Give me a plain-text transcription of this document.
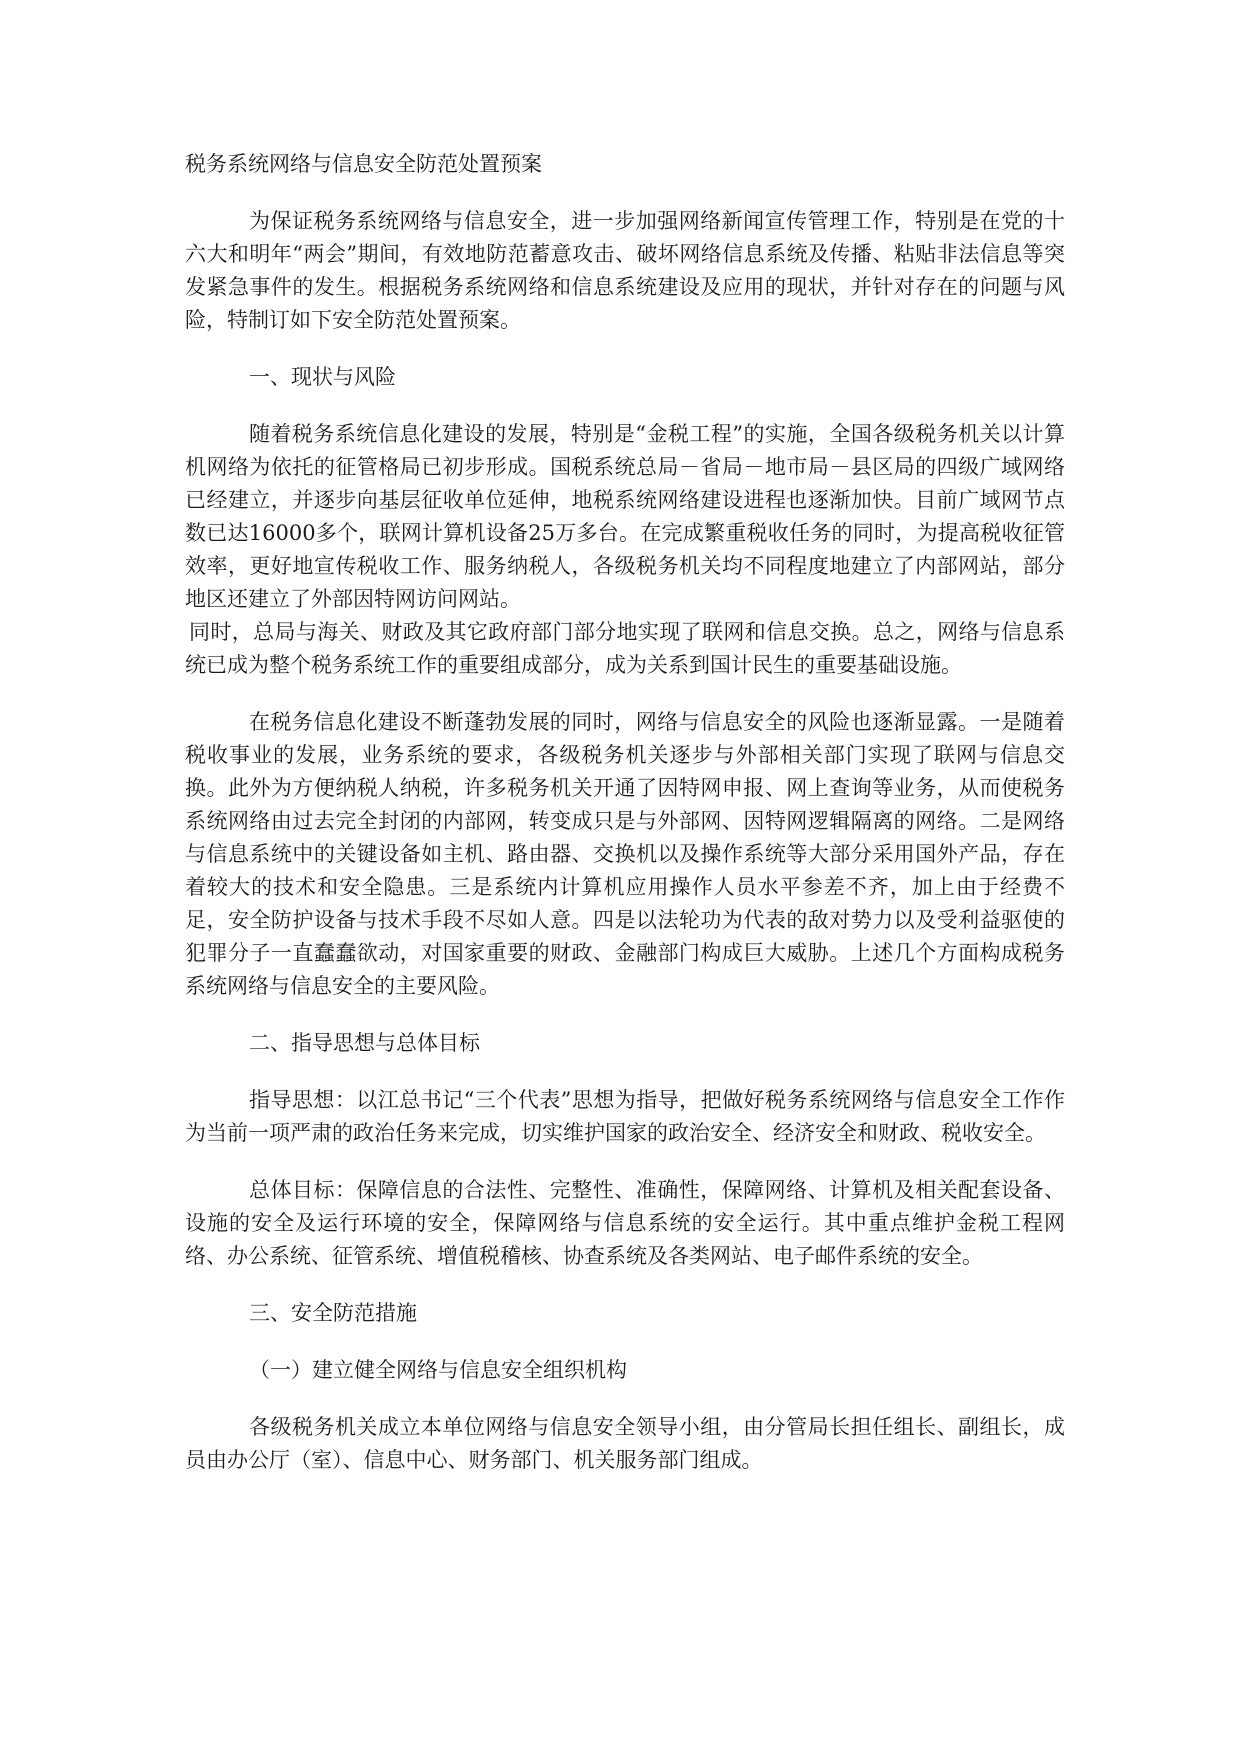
税务系统网络与信息安全防范处置预案

为保证税务系统网络与信息安全，进一步加强网络新闻宣传管理工作，特别是在党的十六大和明年“两会”期间，有效地防范蓄意攻击、破坏网络信息系统及传播、粘贴非法信息等突发紧急事件的发生。根据税务系统网络和信息系统建设及应用的现状，并针对存在的问题与风险，特制订如下安全防范处置预案。

一、现状与风险

随着税务系统信息化建设的发展，特别是“金税工程”的实施，全国各级税务机关以计算机网络为依托的征管格局已初步形成。国税系统总局－省局－地市局－县区局的四级广域网络已经建立，并逐步向基层征收单位延伸，地税系统网络建设进程也逐渐加快。目前广域网节点数已达16000多个，联网计算机设备25万多台。在完成繁重税收任务的同时，为提高税收征管效率，更好地宣传税收工作、服务纳税人，各级税务机关均不同程度地建立了内部网站，部分地区还建立了外部因特网访问网站。

同时，总局与海关、财政及其它政府部门部分地实现了联网和信息交换。总之，网络与信息系统已成为整个税务系统工作的重要组成部分，成为关系到国计民生的重要基础设施。

在税务信息化建设不断蓬勃发展的同时，网络与信息安全的风险也逐渐显露。一是随着税收事业的发展，业务系统的要求，各级税务机关逐步与外部相关部门实现了联网与信息交换。此外为方便纳税人纳税，许多税务机关开通了因特网申报、网上查询等业务，从而使税务系统网络由过去完全封闭的内部网，转变成只是与外部网、因特网逻辑隔离的网络。二是网络与信息系统中的关键设备如主机、路由器、交换机以及操作系统等大部分采用国外产品，存在着较大的技术和安全隐患。三是系统内计算机应用操作人员水平参差不齐，加上由于经费不足，安全防护设备与技术手段不尽如人意。四是以法轮功为代表的敌对势力以及受利益驱使的犯罪分子一直蠢蠢欲动，对国家重要的财政、金融部门构成巨大威胁。上述几个方面构成税务系统网络与信息安全的主要风险。

二、指导思想与总体目标

指导思想：以江总书记“三个代表”思想为指导，把做好税务系统网络与信息安全工作作为当前一项严肃的政治任务来完成，切实维护国家的政治安全、经济安全和财政、税收安全。

总体目标：保障信息的合法性、完整性、准确性，保障网络、计算机及相关配套设备、设施的安全及运行环境的安全，保障网络与信息系统的安全运行。其中重点维护金税工程网络、办公系统、征管系统、增值税稽核、协查系统及各类网站、电子邮件系统的安全。

三、安全防范措施
（一）建立健全网络与信息安全组织机构

各级税务机关成立本单位网络与信息安全领导小组，由分管局长担任组长、副组长，成员由办公厅（室）、信息中心、财务部门、机关服务部门组成。
